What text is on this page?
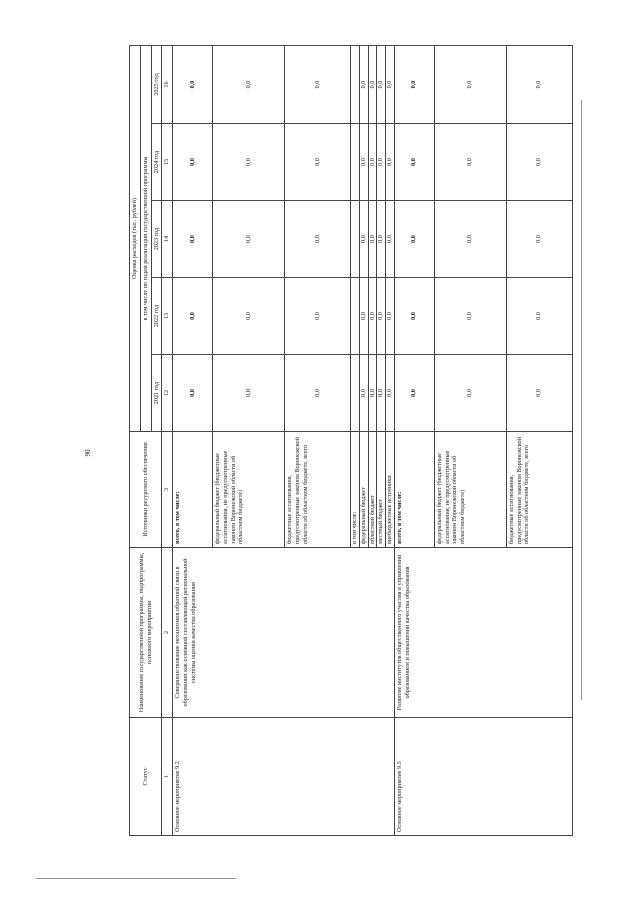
90
Статус	Наименование государственной программы, подпрограммы, основного мероприятия	Источники ресурсного обеспечения	Оценка расходов (тыс. рублей)				
			в том числе по годам реализации государственной программы				
			2021 год	2022 год	2023 год	2024 год	2025 год
1	2	3	12	13	14	15	16
Основное мероприятие 9.2	Совершенствование механизмов обратной связи в образовании как основной составляющей региональной системы оценки качества образования	всего, в том числе:	0,0	0,0	0,0	0,0	0,0
		федеральный бюджет (бюджетные ассигнования, не предусмотренные законом Воронежской области об областном бюджете)	0,0	0,0	0,0	0,0	0,0
		бюджетные ассигнования, предусмотренные законом Воронежской области об областном бюджете, всего	0,0	0,0	0,0	0,0	0,0
		в том числе:					
		федеральный бюджет	0,0	0,0	0,0	0,0	0,0
		областной бюджет	0,0	0,0	0,0	0,0	0,0
		местный бюджет	0,0	0,0	0,0	0,0	0,0
		внебюджетные источники	0,0	0,0	0,0	0,0	0,0
Основное мероприятие 9.3	Развитие институтов общественного участия в управлении образованием и повышении качества образования	всего, в том числе:	0,0	0,0	0,0	0,0	0,0
		федеральный бюджет (бюджетные ассигнования, не предусмотренные законом Воронежской области об областном бюджете)	0,0	0,0	0,0	0,0	0,0
		бюджетные ассигнования, предусмотренные законом Воронежской области об областном бюджете, всего	0,0	0,0	0,0	0,0	0,0
